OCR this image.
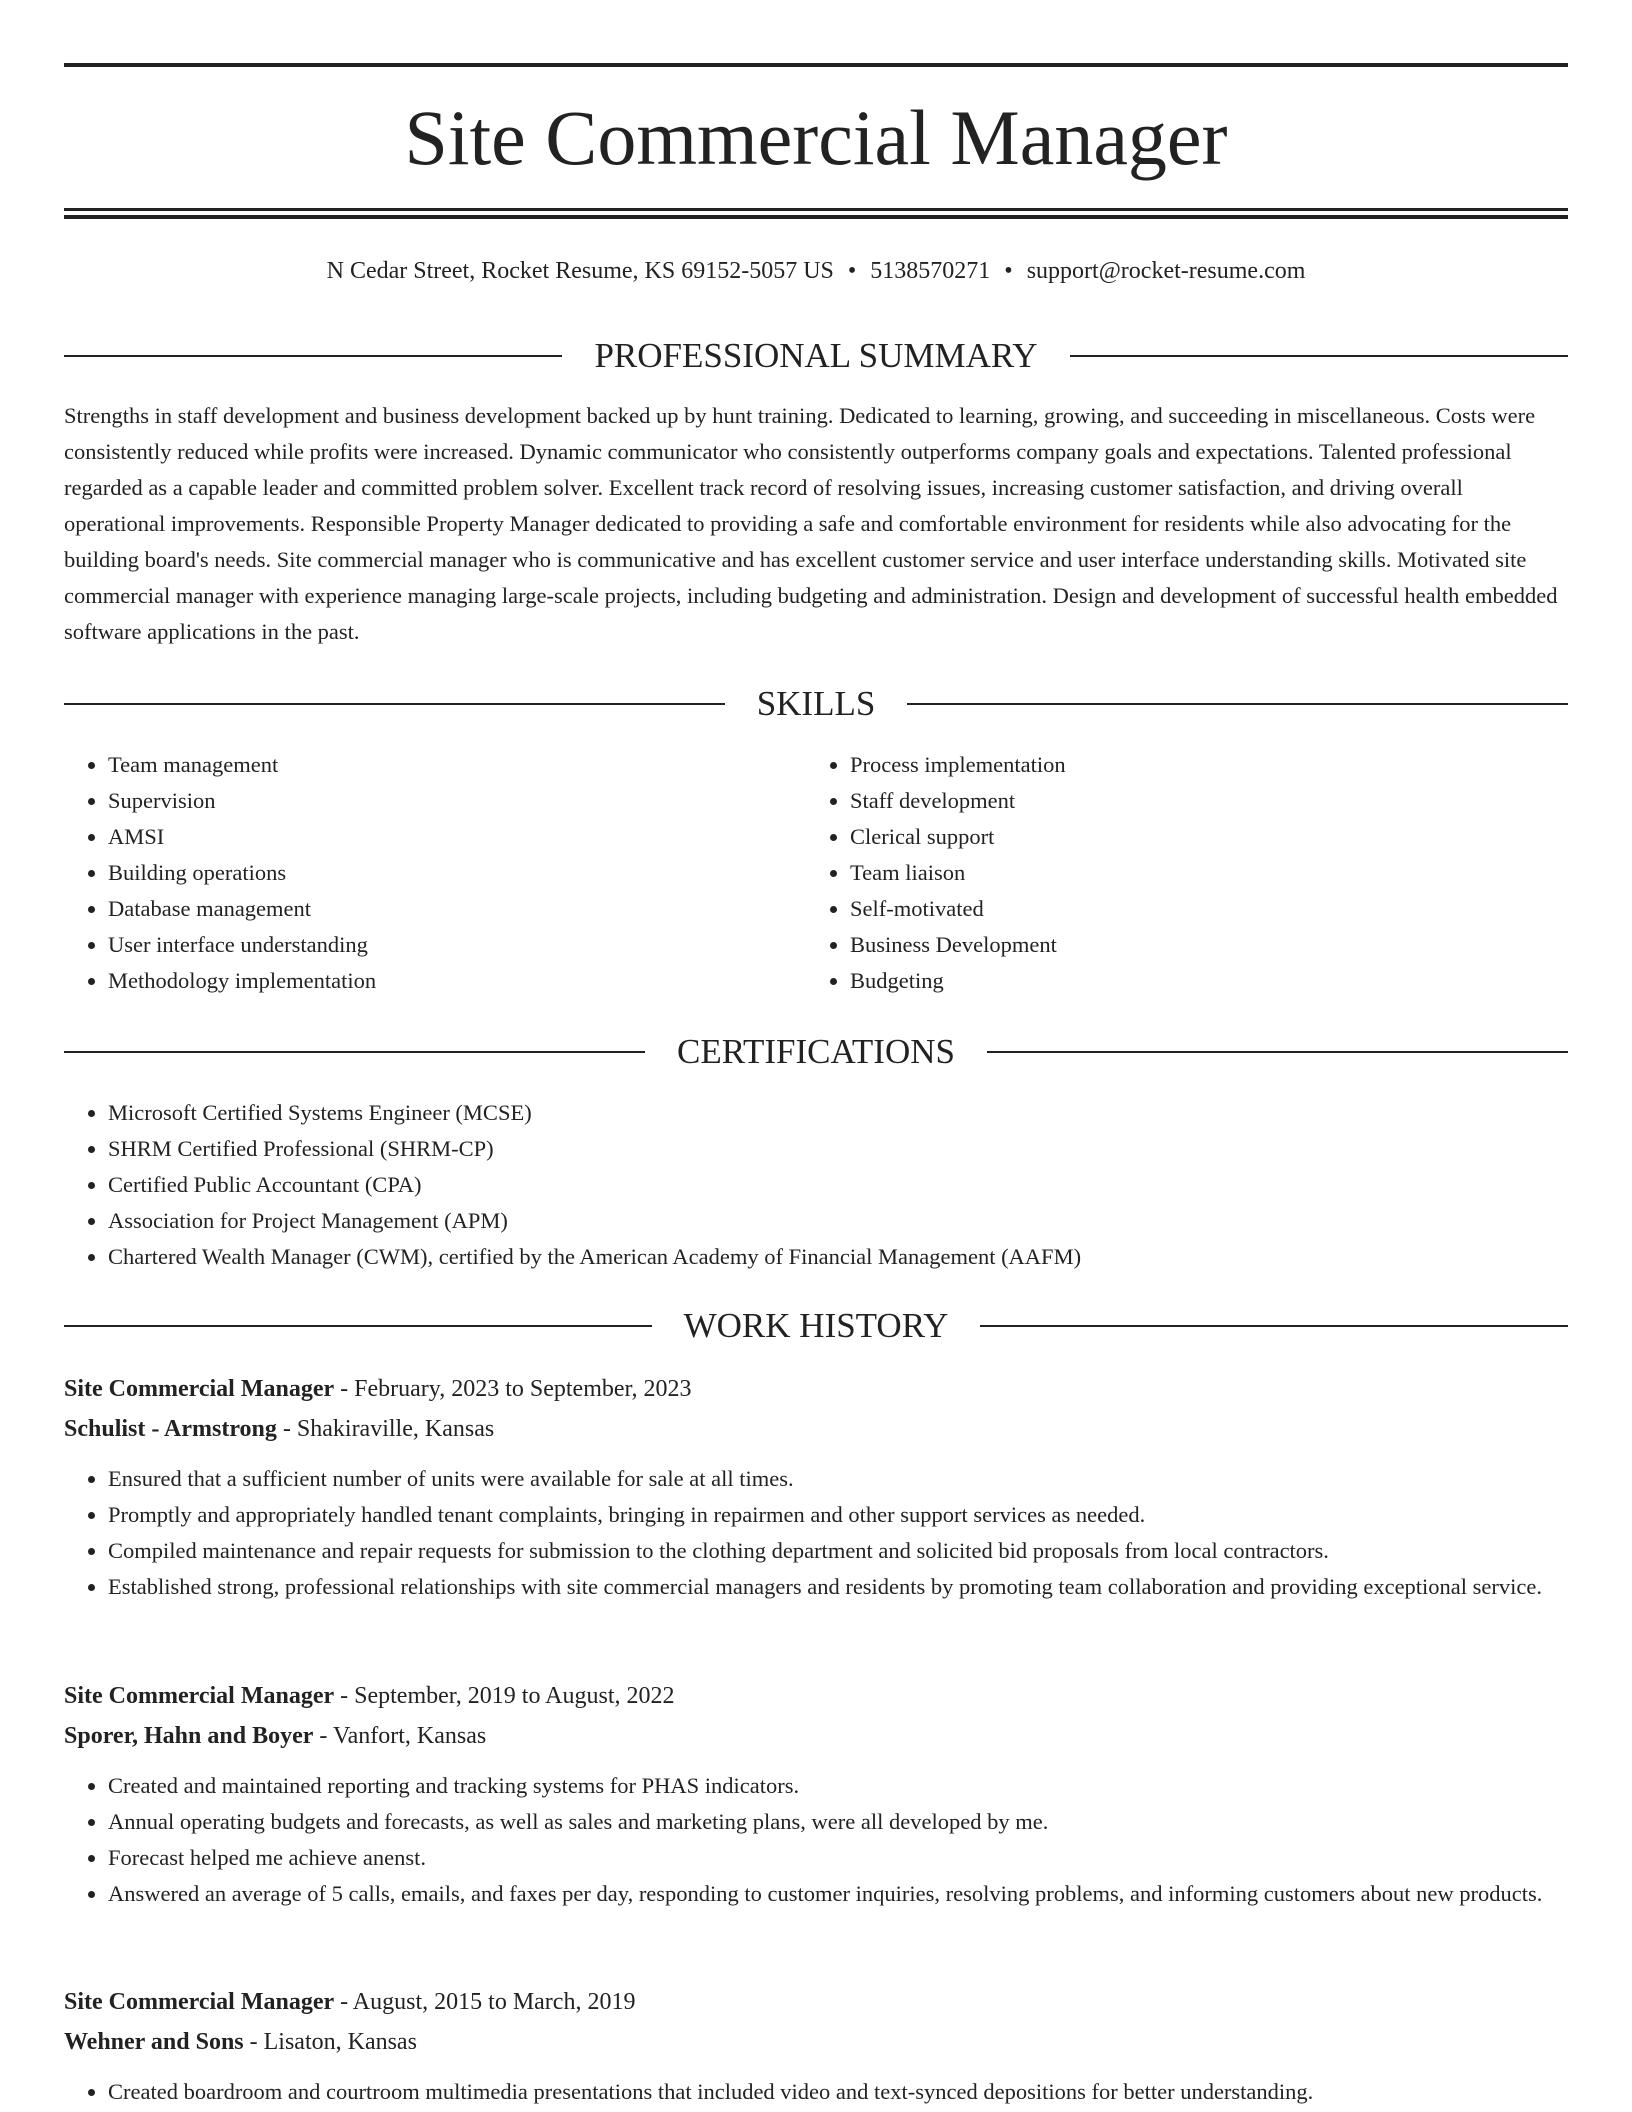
Site Commercial Manager
N Cedar Street, Rocket Resume, KS 69152-5057 US • 5138570271 • support@rocket-resume.com
PROFESSIONAL SUMMARY

Strengths in staff development and business development backed up by hunt training. Dedicated to learning, growing, and succeeding in miscellaneous. Costs were consistently reduced while profits were increased. Dynamic communicator who consistently outperforms company goals and expectations. Talented professional regarded as a capable leader and committed problem solver. Excellent track record of resolving issues, increasing customer satisfaction, and driving overall operational improvements. Responsible Property Manager dedicated to providing a safe and comfortable environment for residents while also advocating for the building board's needs. Site commercial manager who is communicative and has excellent customer service and user interface understanding skills. Motivated site commercial manager with experience managing large-scale projects, including budgeting and administration. Design and development of successful health embedded software applications in the past.

SKILLS
• Team management
• Supervision
• AMSI
• Building operations
• Database management
• User interface understanding
• Methodology implementation
• Process implementation
• Staff development
• Clerical support
• Team liaison
• Self-motivated
• Business Development
• Budgeting
CERTIFICATIONS
• Microsoft Certified Systems Engineer (MCSE)
• SHRM Certified Professional (SHRM-CP)
• Certified Public Accountant (CPA)
• Association for Project Management (APM)
• Chartered Wealth Manager (CWM), certified by the American Academy of Financial Management (AAFM)
WORK HISTORY
Site Commercial Manager - February, 2023 to September, 2023
Schulist - Armstrong - Shakiraville, Kansas
• Ensured that a sufficient number of units were available for sale at all times.
• Promptly and appropriately handled tenant complaints, bringing in repairmen and other support services as needed.
• Compiled maintenance and repair requests for submission to the clothing department and solicited bid proposals from local contractors.
• Established strong, professional relationships with site commercial managers and residents by promoting team collaboration and providing exceptional service.
Site Commercial Manager - September, 2019 to August, 2022
Sporer, Hahn and Boyer - Vanfort, Kansas
• Created and maintained reporting and tracking systems for PHAS indicators.
• Annual operating budgets and forecasts, as well as sales and marketing plans, were all developed by me.
• Forecast helped me achieve anenst.
• Answered an average of 5 calls, emails, and faxes per day, responding to customer inquiries, resolving problems, and informing customers about new products.
Site Commercial Manager - August, 2015 to March, 2019
Wehner and Sons - Lisaton, Kansas
• Created boardroom and courtroom multimedia presentations that included video and text-synced depositions for better understanding.
